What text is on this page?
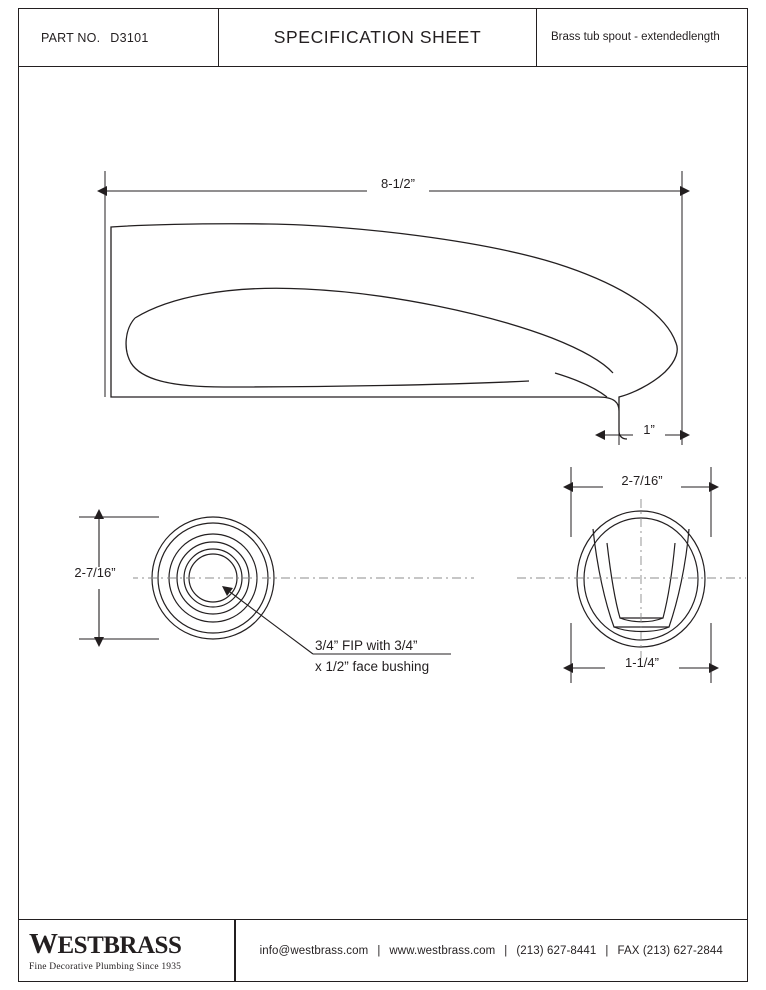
PART NO. D3101	SPECIFICATION SHEET	Brass tub spout - extended length
8-1/2”
1”
2-7/16”
3/4” FIP with 3/4”
x 1/2” face bushing
2-7/16”
1-1/4”
WESTBRASS
Fine Decorative Plumbing Since 1935
info@westbrass.com | www.westbrass.com | (213) 627-8441 | FAX (213) 627-2844
